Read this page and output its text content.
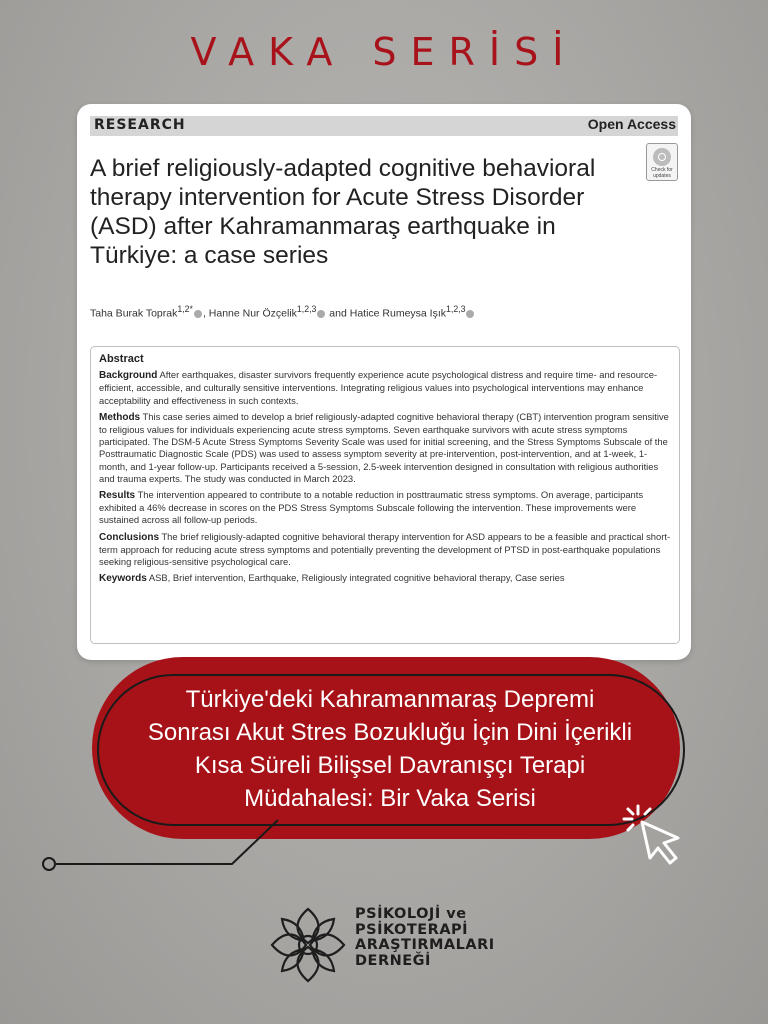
VAKA SERİSİ
RESEARCH	Open Access
A brief religiously-adapted cognitive behavioral therapy intervention for Acute Stress Disorder (ASD) after Kahramanmaraş earthquake in Türkiye: a case series
Check for updates
Taha Burak Toprak$^{1,2*}$ , Hanne Nur Özçelik$^{1,2,3}$ and Hatice Rumeysa Işık$^{1,2,3}$
Abstract
Background After earthquakes, disaster survivors frequently experience acute psychological distress and require time- and resource-efficient, accessible, and culturally sensitive interventions. Integrating religious values into psychological interventions may enhance acceptability and effectiveness in such contexts.
Methods This case series aimed to develop a brief religiously-adapted cognitive behavioral therapy (CBT) intervention program sensitive to religious values for individuals experiencing acute stress symptoms. Seven earthquake survivors with acute stress symptoms participated. The DSM-5 Acute Stress Symptoms Severity Scale was used for initial screening, and the Stress Symptoms Subscale of the Posttraumatic Diagnostic Scale (PDS) was used to assess symptom severity at pre-intervention, post-intervention, and at 1-week, 1-month, and 1-year follow-up. Participants received a 5-session, 2.5-week intervention designed in consultation with religious authorities and trauma experts. The study was conducted in March 2023.
Results The intervention appeared to contribute to a notable reduction in posttraumatic stress symptoms. On average, participants exhibited a 46% decrease in scores on the PDS Stress Symptoms Subscale following the intervention. These improvements were sustained across all follow-up periods.
Conclusions The brief religiously-adapted cognitive behavioral therapy intervention for ASD appears to be a feasible and practical short-term approach for reducing acute stress symptoms and potentially preventing the development of PTSD in post-earthquake populations seeking religious-sensitive psychological care.
Keywords ASB, Brief intervention, Earthquake, Religiously integrated cognitive behavioral therapy, Case series
Türkiye'deki Kahramanmaraş Depremi
Sonrası Akut Stres Bozukluğu İçin Dini İçerikli
Kısa Süreli Bilişsel Davranışçı Terapi
Müdahalesi: Bir Vaka Serisi
PSİKOLOJİ ve
PSİKOTERAPİ
ARAŞTIRMALARI
DERNEĞİ
